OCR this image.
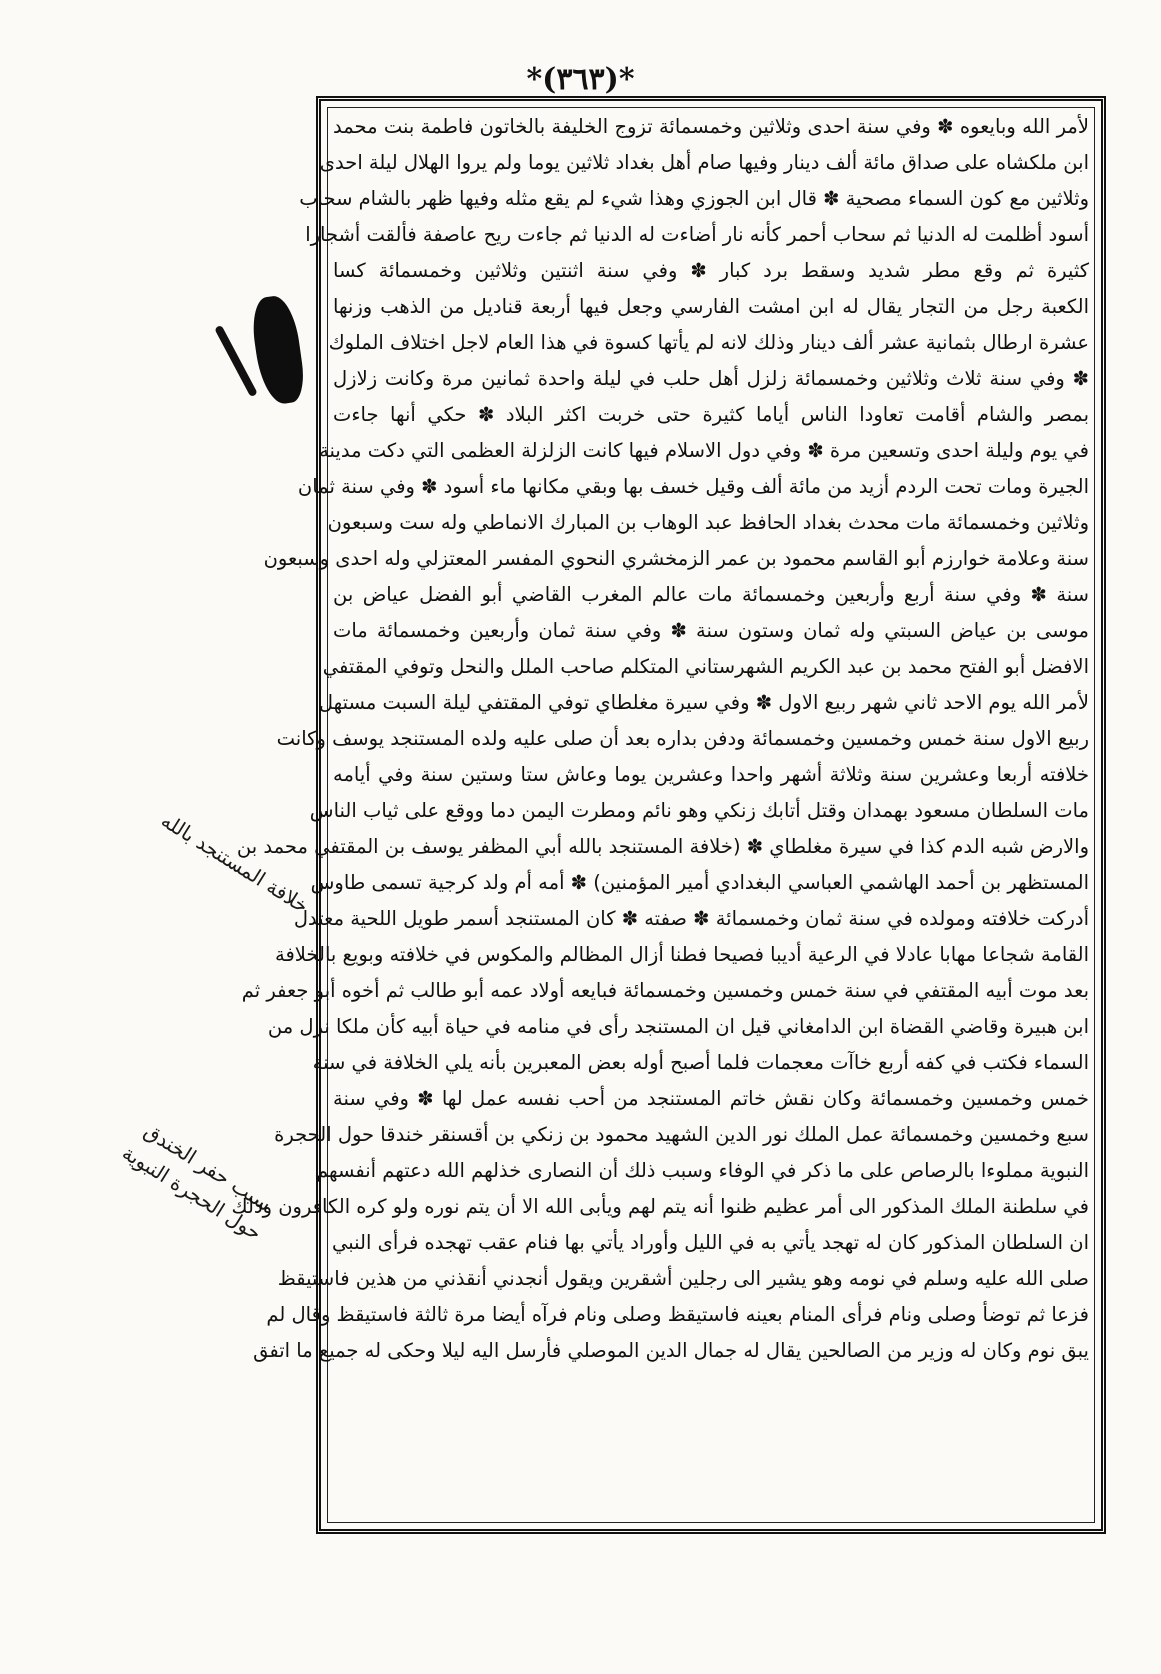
*(٣٦٣)*
خلافة المستنجد بالله
سبب حفر الخندق حول الحجرة النبوية
لأمر الله وبايعوه ✽ وفي سنة احدى وثلاثين وخمسمائة تزوج الخليفة بالخاتون فاطمة بنت محمد
ابن ملكشاه على صداق مائة ألف دينار وفيها صام أهل بغداد ثلاثين يوما ولم يروا الهلال ليلة احدى
وثلاثين مع كون السماء مصحية ✽ قال ابن الجوزي وهذا شيء لم يقع مثله وفيها ظهر بالشام سحاب
أسود أظلمت له الدنيا ثم سحاب أحمر كأنه نار أضاءت له الدنيا ثم جاءت ريح عاصفة فألقت أشجارا
كثيرة ثم وقع مطر شديد وسقط برد كبار ✽ وفي سنة اثنتين وثلاثين وخمسمائة كسا
الكعبة رجل من التجار يقال له ابن امشت الفارسي وجعل فيها أربعة قناديل من الذهب وزنها
عشرة ارطال بثمانية عشر ألف دينار وذلك لانه لم يأتها كسوة في هذا العام لاجل اختلاف الملوك
✽ وفي سنة ثلاث وثلاثين وخمسمائة زلزل أهل حلب في ليلة واحدة ثمانين مرة وكانت زلازل
بمصر والشام أقامت تعاودا الناس أياما كثيرة حتى خربت اكثر البلاد ✽ حكي أنها جاءت
في يوم وليلة احدى وتسعين مرة ✽ وفي دول الاسلام فيها كانت الزلزلة العظمى التي دكت مدينة
الجيرة ومات تحت الردم أزيد من مائة ألف وقيل خسف بها وبقي مكانها ماء أسود ✽ وفي سنة ثمان
وثلاثين وخمسمائة مات محدث بغداد الحافظ عبد الوهاب بن المبارك الانماطي وله ست وسبعون
سنة وعلامة خوارزم أبو القاسم محمود بن عمر الزمخشري النحوي المفسر المعتزلي وله احدى وسبعون
سنة ✽ وفي سنة أربع وأربعين وخمسمائة مات عالم المغرب القاضي أبو الفضل عياض بن
موسى بن عياض السبتي وله ثمان وستون سنة ✽ وفي سنة ثمان وأربعين وخمسمائة مات
الافضل أبو الفتح محمد بن عبد الكريم الشهرستاني المتكلم صاحب الملل والنحل وتوفي المقتفي
لأمر الله يوم الاحد ثاني شهر ربيع الاول ✽ وفي سيرة مغلطاي توفي المقتفي ليلة السبت مستهل
ربيع الاول سنة خمس وخمسين وخمسمائة ودفن بداره بعد أن صلى عليه ولده المستنجد يوسف وكانت
خلافته أربعا وعشرين سنة وثلاثة أشهر واحدا وعشرين يوما وعاش ستا وستين سنة وفي أيامه
مات السلطان مسعود بهمدان وقتل أتابك زنكي وهو نائم ومطرت اليمن دما ووقع على ثياب الناس
والارض شبه الدم كذا في سيرة مغلطاي ✽ (خلافة المستنجد بالله أبي المظفر يوسف بن المقتفي محمد بن
المستظهر بن أحمد الهاشمي العباسي البغدادي أمير المؤمنين) ✽ أمه أم ولد كرجية تسمى طاوس
أدركت خلافته ومولده في سنة ثمان وخمسمائة ✽ صفته ✽ كان المستنجد أسمر طويل اللحية معتدل
القامة شجاعا مهابا عادلا في الرعية أديبا فصيحا فطنا أزال المظالم والمكوس في خلافته وبويع بالخلافة
بعد موت أبيه المقتفي في سنة خمس وخمسين وخمسمائة فبايعه أولاد عمه أبو طالب ثم أخوه أبو جعفر ثم
ابن هبيرة وقاضي القضاة ابن الدامغاني قيل ان المستنجد رأى في منامه في حياة أبيه كأن ملكا نزل من
السماء فكتب في كفه أربع خاآت معجمات فلما أصبح أوله بعض المعبرين بأنه يلي الخلافة في سنة
خمس وخمسين وخمسمائة وكان نقش خاتم المستنجد من أحب نفسه عمل لها ✽ وفي سنة
سبع وخمسين وخمسمائة عمل الملك نور الدين الشهيد محمود بن زنكي بن أقسنقر خندقا حول الحجرة
النبوية مملوءا بالرصاص على ما ذكر في الوفاء وسبب ذلك أن النصارى خذلهم الله دعتهم أنفسهم
في سلطنة الملك المذكور الى أمر عظيم ظنوا أنه يتم لهم ويأبى الله الا أن يتم نوره ولو كره الكافرون وذلك
ان السلطان المذكور كان له تهجد يأتي به في الليل وأوراد يأتي بها فنام عقب تهجده فرأى النبي
صلى الله عليه وسلم في نومه وهو يشير الى رجلين أشقرين ويقول أنجدني أنقذني من هذين فاستيقظ
فزعا ثم توضأ وصلى ونام فرأى المنام بعينه فاستيقظ وصلى ونام فرآه أيضا مرة ثالثة فاستيقظ وقال لم
يبق نوم وكان له وزير من الصالحين يقال له جمال الدين الموصلي فأرسل اليه ليلا وحكى له جميع ما اتفق
